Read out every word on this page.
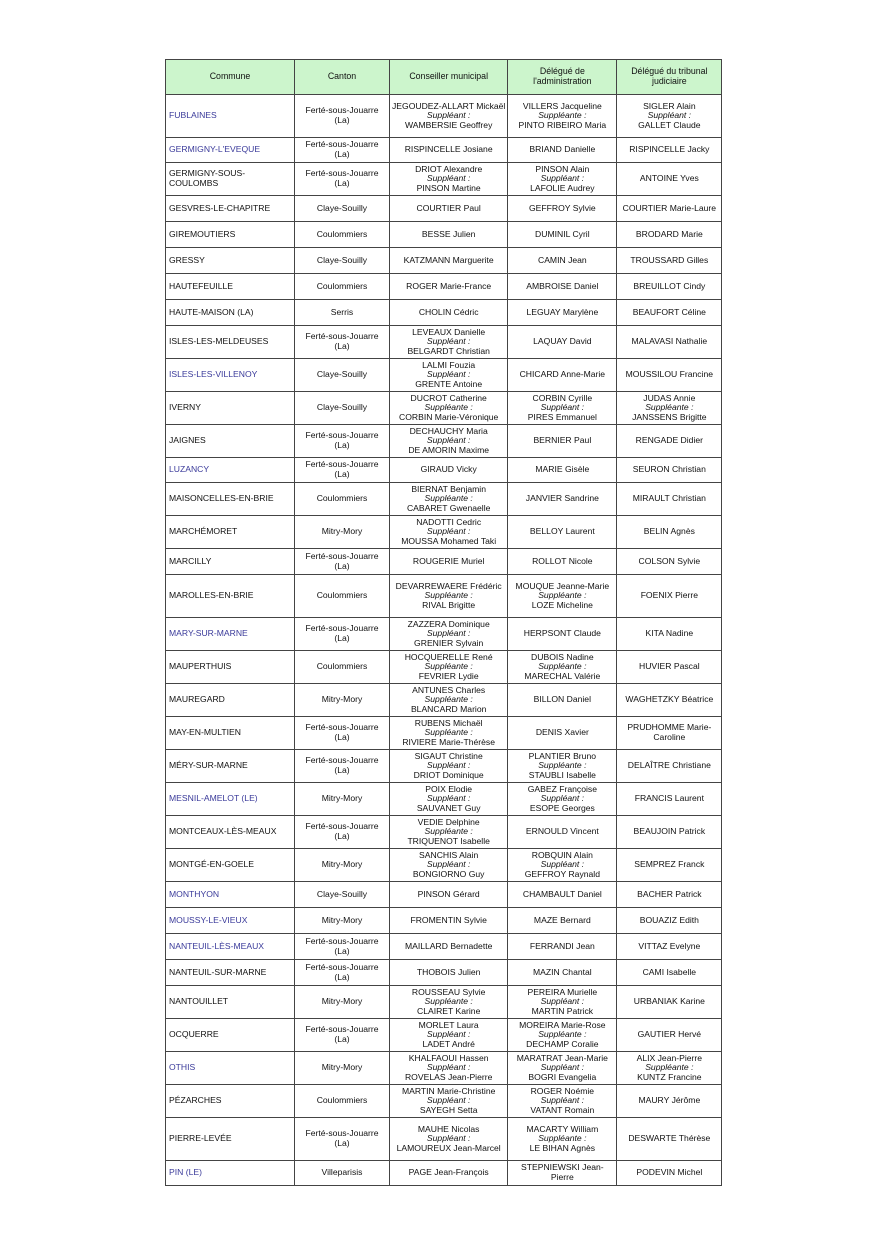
Commune	Canton	Conseiller municipal	Délégué de l'administration	Délégué du tribunal judiciaire

FUBLAINES	Ferté-sous-Jouarre (La)	JEGOUDEZ-ALLART Mickaël
Suppléant :
WAMBERSIE Geoffrey	VILLERS Jacqueline
Suppléante :
PINTO RIBEIRO Maria	SIGLER Alain
Suppléant :
GALLET Claude

GERMIGNY-L'EVEQUE	Ferté-sous-Jouarre (La)	RISPINCELLE Josiane	BRIAND Danielle	RISPINCELLE Jacky

GERMIGNY-SOUS-COULOMBS	Ferté-sous-Jouarre (La)	DRIOT Alexandre
Suppléant :
PINSON Martine	PINSON Alain
Suppléant :
LAFOLIE Audrey	ANTOINE Yves

GESVRES-LE-CHAPITRE	Claye-Souilly	COURTIER Paul	GEFFROY Sylvie	COURTIER Marie-Laure

GIREMOUTIERS	Coulommiers	BESSE Julien	DUMINIL Cyril	BRODARD Marie

GRESSY	Claye-Souilly	KATZMANN Marguerite	CAMIN Jean	TROUSSARD Gilles

HAUTEFEUILLE	Coulommiers	ROGER Marie-France	AMBROISE Daniel	BREUILLOT Cindy

HAUTE-MAISON (LA)	Serris	CHOLIN Cédric	LEGUAY Marylène	BEAUFORT Céline

ISLES-LES-MELDEUSES	Ferté-sous-Jouarre (La)	LEVEAUX Danielle
Suppléant :
BELGARDT Christian	LAQUAY David	MALAVASI Nathalie

ISLES-LES-VILLENOY	Claye-Souilly	LALMI Fouzia
Suppléant :
GRENTE Antoine	CHICARD Anne-Marie	MOUSSILOU Francine

IVERNY	Claye-Souilly	DUCROT Catherine
Suppléante :
CORBIN Marie-Véronique	CORBIN Cyrille
Suppléant :
PIRES Emmanuel	JUDAS Annie
Suppléante :
JANSSENS Brigitte

JAIGNES	Ferté-sous-Jouarre (La)	DECHAUCHY Maria
Suppléant :
DE AMORIN Maxime	BERNIER Paul	RENGADE Didier

LUZANCY	Ferté-sous-Jouarre (La)	GIRAUD Vicky	MARIE Gisèle	SEURON Christian

MAISONCELLES-EN-BRIE	Coulommiers	BIERNAT Benjamin
Suppléante :
CABARET Gwenaelle	JANVIER Sandrine	MIRAULT Christian

MARCHÉMORET	Mitry-Mory	NADOTTI Cedric
Suppléant :
MOUSSA Mohamed Taki	BELLOY Laurent	BELIN Agnès

MARCILLY	Ferté-sous-Jouarre (La)	ROUGERIE Muriel	ROLLOT Nicole	COLSON Sylvie

MAROLLES-EN-BRIE	Coulommiers	DEVARREWAERE Frédéric
Suppléante :
RIVAL Brigitte	MOUQUE Jeanne-Marie
Suppléante :
LOZE Micheline	FOENIX Pierre

MARY-SUR-MARNE	Ferté-sous-Jouarre (La)	ZAZZERA Dominique
Suppléant :
GRENIER Sylvain	HERPSONT Claude	KITA Nadine

MAUPERTHUIS	Coulommiers	HOCQUERELLE René
Suppléante :
FEVRIER Lydie	DUBOIS Nadine
Suppléante :
MARECHAL Valérie	HUVIER Pascal

MAUREGARD	Mitry-Mory	ANTUNES Charles
Suppléante :
BLANCARD Marion	BILLON Daniel	WAGHETZKY Béatrice

MAY-EN-MULTIEN	Ferté-sous-Jouarre (La)	RUBENS Michaël
Suppléante :
RIVIERE Marie-Thérèse	DENIS Xavier	PRUDHOMME Marie-Caroline

MÉRY-SUR-MARNE	Ferté-sous-Jouarre (La)	SIGAUT Christine
Suppléant :
DRIOT Dominique	PLANTIER Bruno
Suppléante :
STAUBLI Isabelle	DELAÎTRE Christiane

MESNIL-AMELOT (LE)	Mitry-Mory	POIX Elodie
Suppléant :
SAUVANET Guy	GABEZ Françoise
Suppléant :
ESOPE Georges	FRANCIS Laurent

MONTCEAUX-LÈS-MEAUX	Ferté-sous-Jouarre (La)	VEDIE Delphine
Suppléante :
TRIQUENOT Isabelle	ERNOULD Vincent	BEAUJOIN Patrick

MONTGÉ-EN-GOELE	Mitry-Mory	SANCHIS Alain
Suppléant :
BONGIORNO Guy	ROBQUIN Alain
Suppléant :
GEFFROY Raynald	SEMPREZ Franck

MONTHYON	Claye-Souilly	PINSON Gérard	CHAMBAULT Daniel	BACHER Patrick

MOUSSY-LE-VIEUX	Mitry-Mory	FROMENTIN Sylvie	MAZE Bernard	BOUAZIZ Edith

NANTEUIL-LÈS-MEAUX	Ferté-sous-Jouarre (La)	MAILLARD Bernadette	FERRANDI Jean	VITTAZ Evelyne

NANTEUIL-SUR-MARNE	Ferté-sous-Jouarre (La)	THOBOIS Julien	MAZIN Chantal	CAMI Isabelle

NANTOUILLET	Mitry-Mory	ROUSSEAU Sylvie
Suppléante :
CLAIRET Karine	PEREIRA Murielle
Suppléant :
MARTIN Patrick	URBANIAK Karine

OCQUERRE	Ferté-sous-Jouarre (La)	MORLET Laura
Suppléant :
LADET André	MOREIRA Marie-Rose
Suppléante :
DECHAMP Coralie	GAUTIER Hervé

OTHIS	Mitry-Mory	KHALFAOUI Hassen
Suppléant :
ROVELAS Jean-Pierre	MARATRAT Jean-Marie
Suppléant :
BOGRI Evangelia	ALIX Jean-Pierre
Suppléante :
KUNTZ Francine

PÉZARCHES	Coulommiers	MARTIN Marie-Christine
Suppléant :
SAYEGH Setta	ROGER Noémie
Suppléant :
VATANT Romain	MAURY Jérôme

PIERRE-LEVÉE	Ferté-sous-Jouarre (La)	MAUHE Nicolas
Suppléant :
LAMOUREUX Jean-Marcel	MACARTY William
Suppléante :
LE BIHAN Agnès	DESWARTE Thérèse

PIN (LE)	Villeparisis	PAGE Jean-François	STEPNIEWSKI Jean-Pierre	PODEVIN Michel
